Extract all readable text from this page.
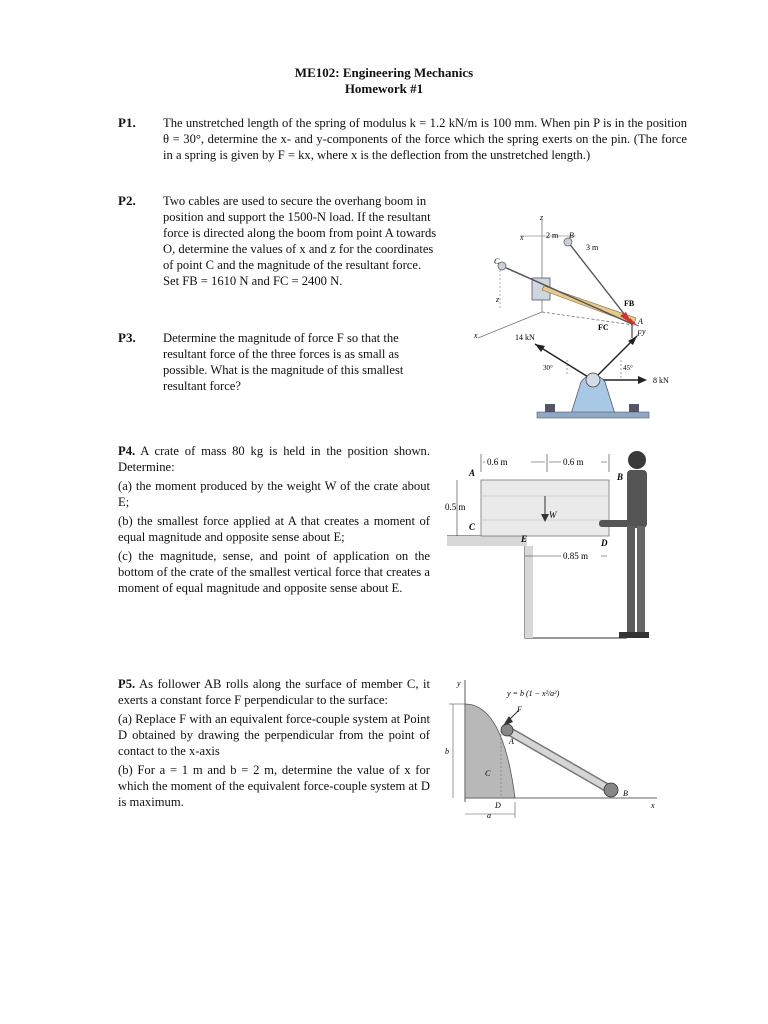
ME102: Engineering Mechanics
Homework #1
P1. The unstretched length of the spring of modulus k = 1.2 kN/m is 100 mm. When pin P is in the position θ = 30°, determine the x- and y-components of the force which the spring exerts on the pin. (The force in a spring is given by F = kx, where x is the deflection from the unstretched length.)
P2. Two cables are used to secure the overhang boom in position and support the 1500-N load. If the resultant force is directed along the boom from point A towards O, determine the values of x and z for the coordinates of point C and the magnitude of the resultant force. Set FB = 1610 N and FC = 2400 N.
2 m
3 m
B
C
A
FB
FC
z
z
x
x	y
P3. Determine the magnitude of force F so that the resultant force of the three forces is as small as possible. What is the magnitude of this smallest resultant force?
14 kN
8 kN
F
30°	45°

P4. A crate of mass 80 kg is held in the position shown. Determine:

(a) the moment produced by the weight W of the crate about E;

(b) the smallest force applied at A that creates a moment of equal magnitude and opposite sense about E;

(c) the magnitude, sense, and point of application on the bottom of the crate of the smallest vertical force that creates a moment of equal magnitude and opposite sense about E.

0.6 m	0.6 m
0.5 m
0.85 m
A	B
C
D
E
W

P5. As follower AB rolls along the surface of member C, it exerts a constant force F perpendicular to the surface:

(a) Replace F with an equivalent force-couple system at Point D obtained by drawing the perpendicular from the point of contact to the x-axis

(b) For a = 1 m and b = 2 m, determine the value of x for which the moment of the equivalent force-couple system at D is maximum.

y
x
A
B
C
D
F
b
a
y = b (1 − x²/a²)
